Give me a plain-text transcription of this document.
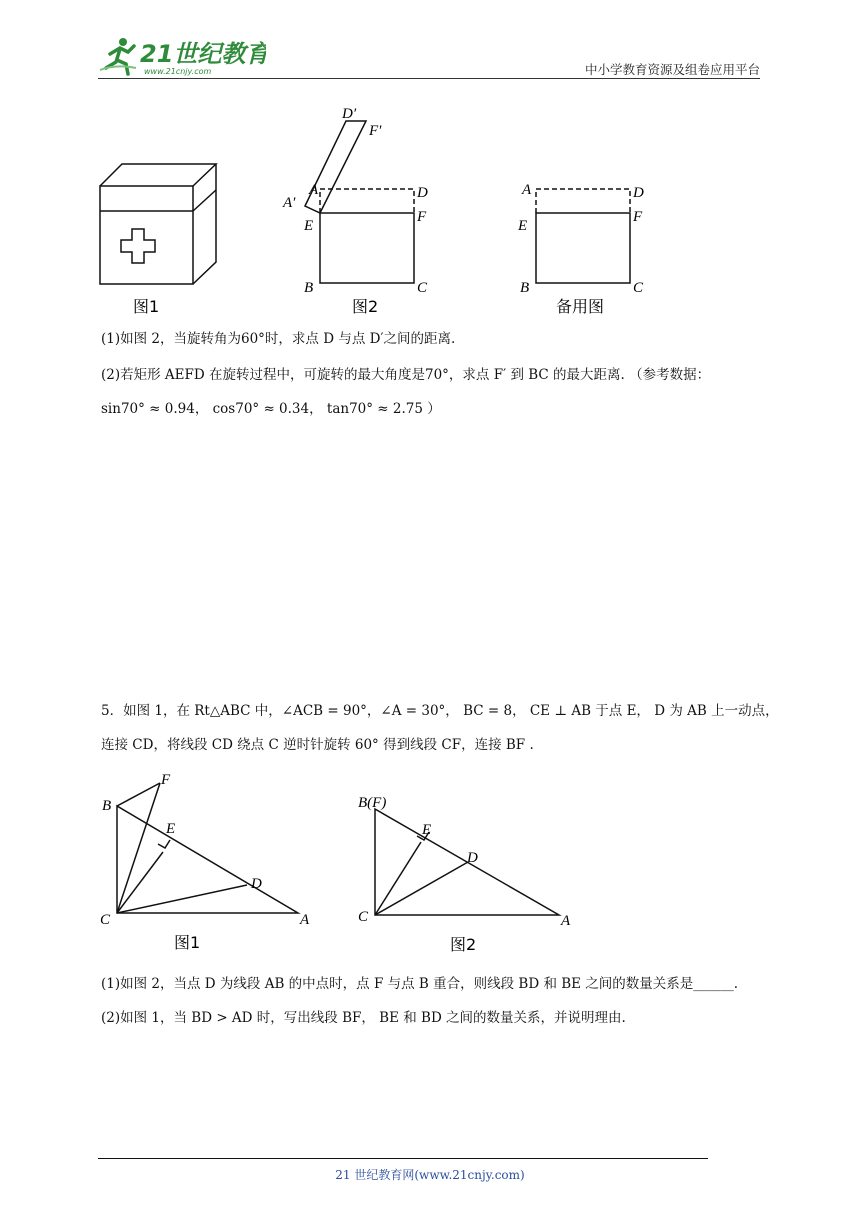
21世纪教育
www.21cnjy.com	中小学教育资源及组卷应用平台
图1
D′
F′
A′
A	D
E
F
B	C
图2
A	D
E
F
B	C
备用图
(1)如图 2，当旋转角为60°时，求点 D 与点 D′之间的距离.
(2)若矩形 AEFD 在旋转过程中，可旋转的最大角度是70°，求点 F′ 到 BC 的最大距离. （参考数据：
sin70° ≈ 0.94， cos70° ≈ 0.34， tan70° ≈ 2.75 ）
5．如图 1，在 Rt△ABC 中，∠ACB = 90°，∠A = 30°， BC = 8， CE ⊥ AB 于点 E， D 为 AB 上一动点，
连接 CD，将线段 CD 绕点 C 逆时针旋转 60° 得到线段 CF，连接 BF .
F
B
E
D
C	A
图1
B(F)
E
D
C	A
图2
(1)如图 2，当点 D 为线段 AB 的中点时，点 F 与点 B 重合，则线段 BD 和 BE 之间的数量关系是______.
(2)如图 1，当 BD > AD 时，写出线段 BF， BE 和 BD 之间的数量关系，并说明理由.
21 世纪教育网(www.21cnjy.com)
